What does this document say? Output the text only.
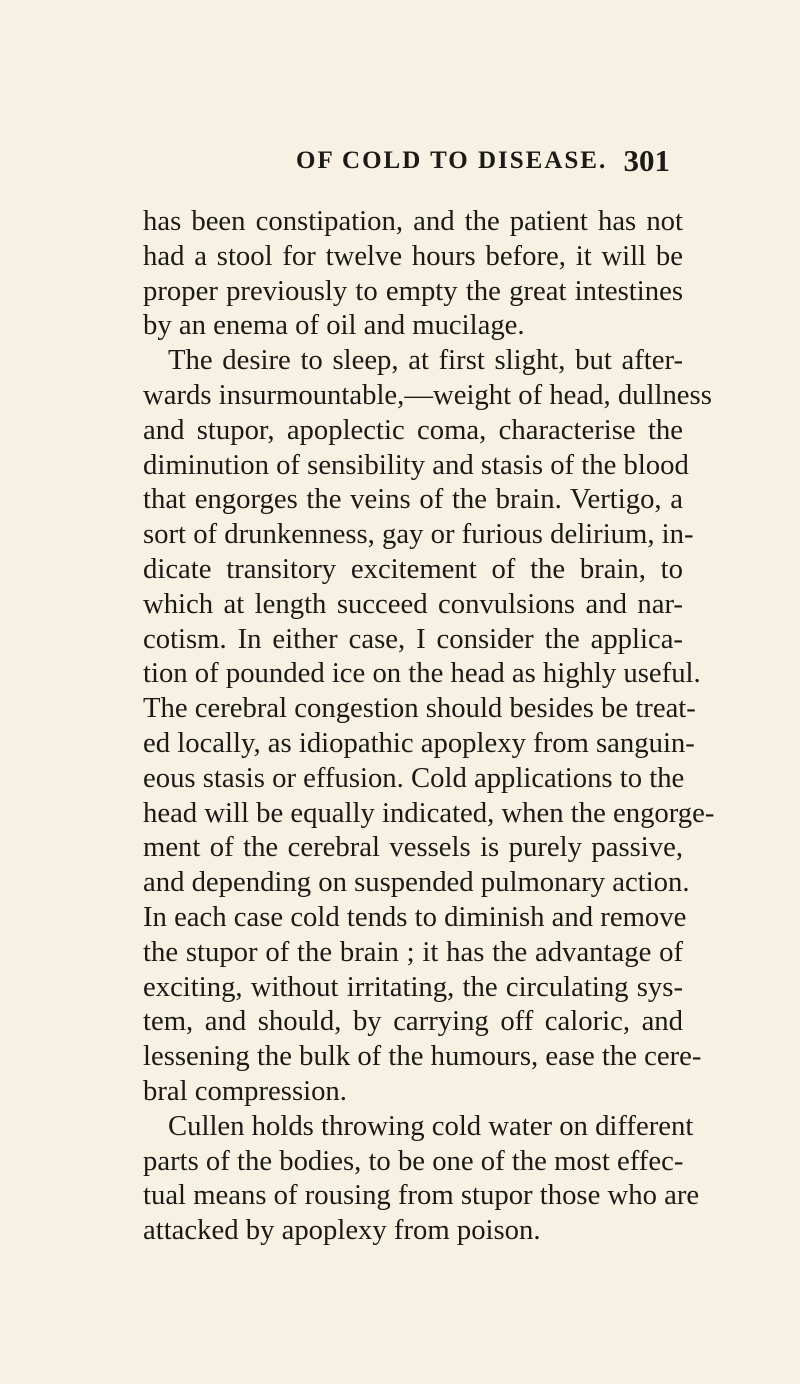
OF COLD TO DISEASE. 301
has been constipation, and the patient has not
had a stool for twelve hours before, it will be
proper previously to empty the great intestines
by an enema of oil and mucilage.
The desire to sleep, at first slight, but after-
wards insurmountable,—weight of head, dullness
and stupor, apoplectic coma, characterise the
diminution of sensibility and stasis of the blood
that engorges the veins of the brain. Vertigo, a
sort of drunkenness, gay or furious delirium, in-
dicate transitory excitement of the brain, to
which at length succeed convulsions and nar-
cotism. In either case, I consider the applica-
tion of pounded ice on the head as highly useful.
The cerebral congestion should besides be treat-
ed locally, as idiopathic apoplexy from sanguin-
eous stasis or effusion. Cold applications to the
head will be equally indicated, when the engorge-
ment of the cerebral vessels is purely passive,
and depending on suspended pulmonary action.
In each case cold tends to diminish and remove
the stupor of the brain ; it has the advantage of
exciting, without irritating, the circulating sys-
tem, and should, by carrying off caloric, and
lessening the bulk of the humours, ease the cere-
bral compression.
Cullen holds throwing cold water on different
parts of the bodies, to be one of the most effec-
tual means of rousing from stupor those who are
attacked by apoplexy from poison.
